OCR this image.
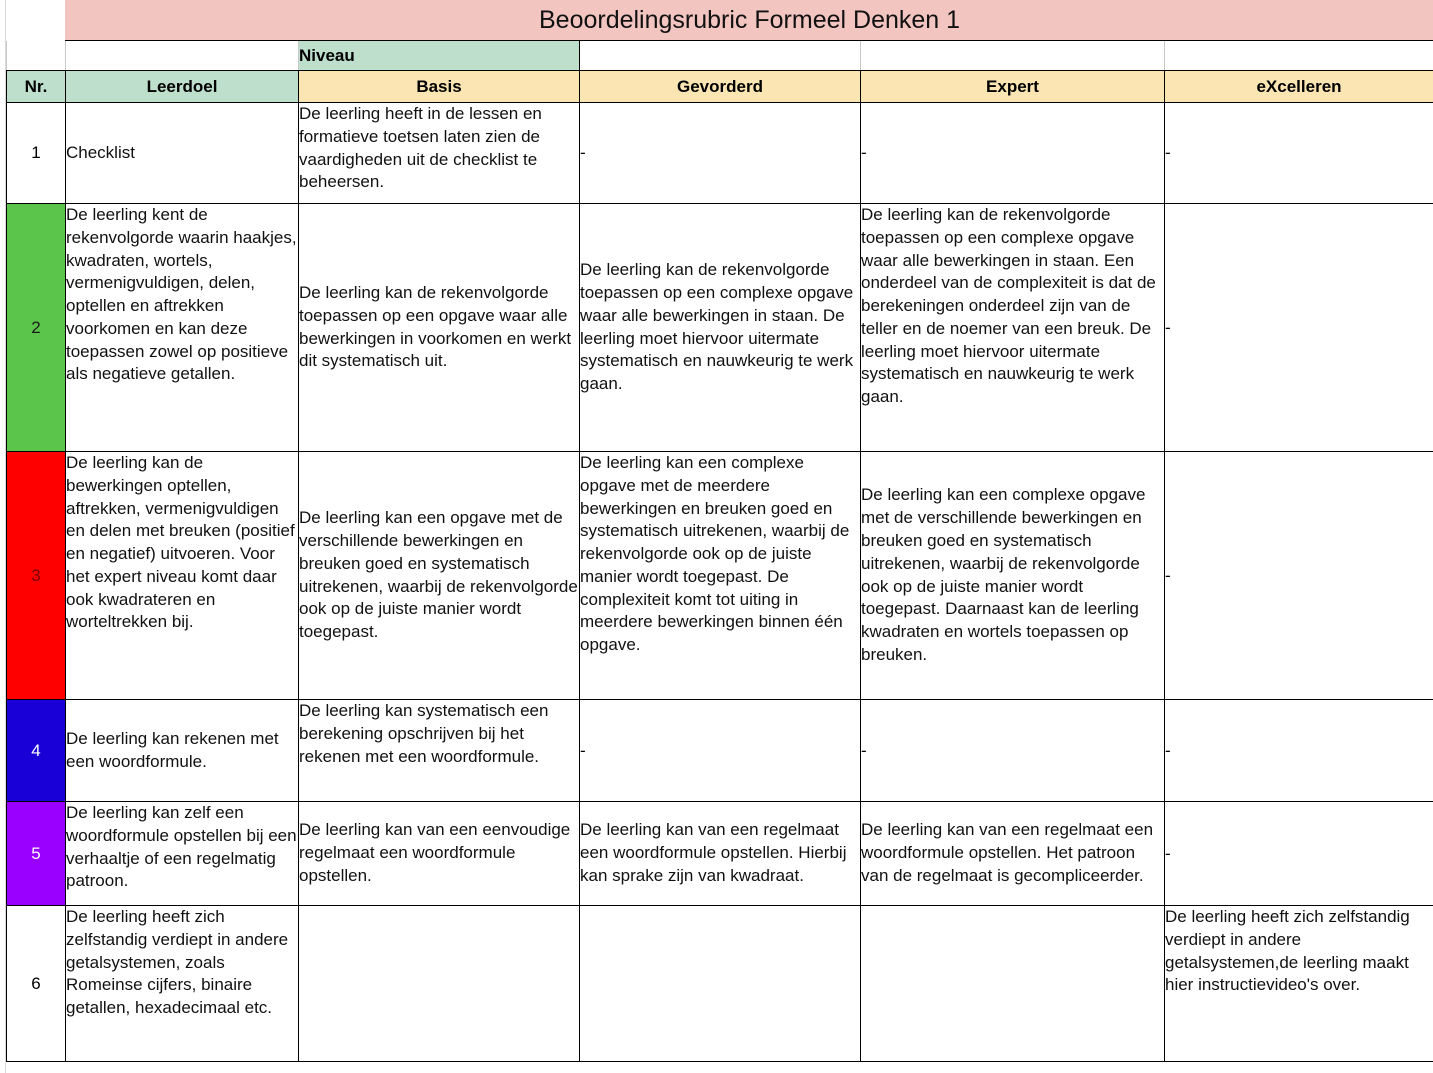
	Beoordelingsrubric Formeel Denken 1				
		Niveau			
Nr.	Leerdoel	Basis	Gevorderd	Expert	eXcelleren
1	Checklist	De leerling heeft in de lessen en formatieve toetsen laten zien de vaardigheden uit de checklist te beheersen.	-	-	-
2	De leerling kent de rekenvolgorde waarin haakjes, kwadraten, wortels, vermenigvuldigen, delen, optellen en aftrekken voorkomen en kan deze toepassen zowel op positieve als negatieve getallen.	De leerling kan de rekenvolgorde toepassen op een opgave waar alle bewerkingen in voorkomen en werkt dit systematisch uit.	De leerling kan de rekenvolgorde toepassen op een complexe opgave waar alle bewerkingen in staan. De leerling moet hiervoor uitermate systematisch en nauwkeurig te werk gaan.	De leerling kan de rekenvolgorde toepassen op een complexe opgave waar alle bewerkingen in staan. Een onderdeel van de complexiteit is dat de berekeningen onderdeel zijn van de teller en de noemer van een breuk. De leerling moet hiervoor uitermate systematisch en nauwkeurig te werk gaan.	-
3	De leerling kan de bewerkingen optellen, aftrekken, vermenigvuldigen en delen met breuken (positief en negatief) uitvoeren. Voor het expert niveau komt daar ook kwadrateren en worteltrekken bij.	De leerling kan een opgave met de verschillende bewerkingen en breuken goed en systematisch uitrekenen, waarbij de rekenvolgorde ook op de juiste manier wordt toegepast.	De leerling kan een complexe opgave met de meerdere bewerkingen en breuken goed en systematisch uitrekenen, waarbij de rekenvolgorde ook op de juiste manier wordt toegepast. De complexiteit komt tot uiting in meerdere bewerkingen binnen één opgave.	De leerling kan een complexe opgave met de verschillende bewerkingen en breuken goed en systematisch uitrekenen, waarbij de rekenvolgorde ook op de juiste manier wordt toegepast. Daarnaast kan de leerling kwadraten en wortels toepassen op breuken.	-
4	De leerling kan rekenen met een woordformule.	De leerling kan systematisch een berekening opschrijven bij het rekenen met een woordformule.	-	-	-
5	De leerling kan zelf een woordformule opstellen bij een verhaaltje of een regelmatig patroon.	De leerling kan van een eenvoudige regelmaat een woordformule opstellen.	De leerling kan van een regelmaat een woordformule opstellen. Hierbij kan sprake zijn van kwadraat.	De leerling kan van een regelmaat een woordformule opstellen. Het patroon van de regelmaat is gecompliceerder.	-
6	De leerling heeft zich zelfstandig verdiept in andere getalsystemen, zoals Romeinse cijfers, binaire getallen, hexadecimaal etc.				De leerling heeft zich zelfstandig verdiept in andere getalsystemen,de leerling maakt hier instructievideo's over.
